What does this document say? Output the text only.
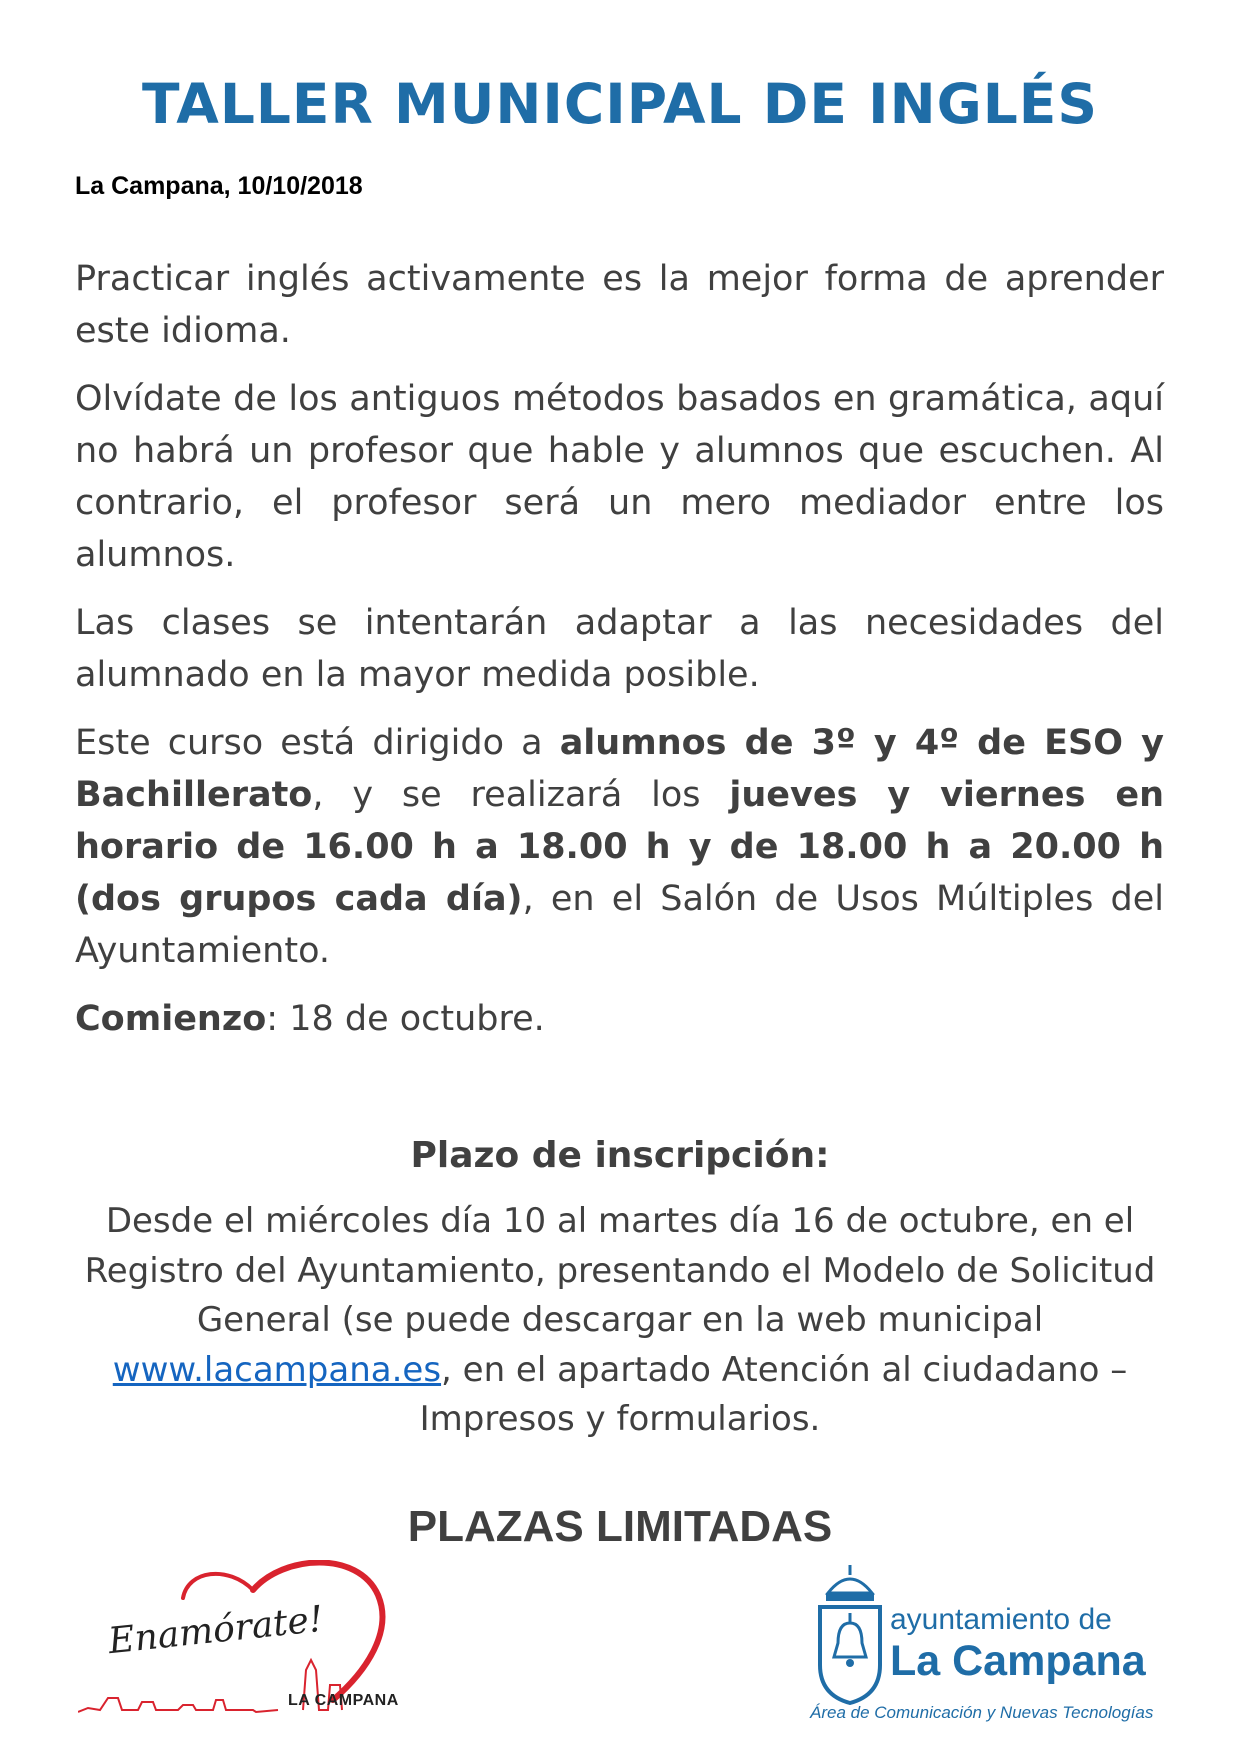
TALLER MUNICIPAL DE INGLÉS
La Campana, 10/10/2018

Practicar inglés activamente es la mejor forma de aprender este idioma.

Olvídate de los antiguos métodos basados en gramática, aquí no habrá un profesor que hable y alumnos que escuchen. Al contrario, el profesor será un mero mediador entre los alumnos.

Las clases se intentarán adaptar a las necesidades del alumnado en la mayor medida posible.

Este curso está dirigido a alumnos de 3º y 4º de ESO y Bachillerato, y se realizará los jueves y viernes en horario de 16.00 h a 18.00 h y de 18.00 h a 20.00 h (dos grupos cada día), en el Salón de Usos Múltiples del Ayuntamiento.

Comienzo: 18 de octubre.

Plazo de inscripción:
Desde el miércoles día 10 al martes día 16 de octubre, en el Registro del Ayuntamiento, presentando el Modelo de Solicitud General (se puede descargar en la web municipal www.lacampana.es, en el apartado Atención al ciudadano – Impresos y formularios.
PLAZAS LIMITADAS
Enamórate!
LA CAMPANA
ayuntamiento de
La Campana
Área de Comunicación y Nuevas Tecnologías
